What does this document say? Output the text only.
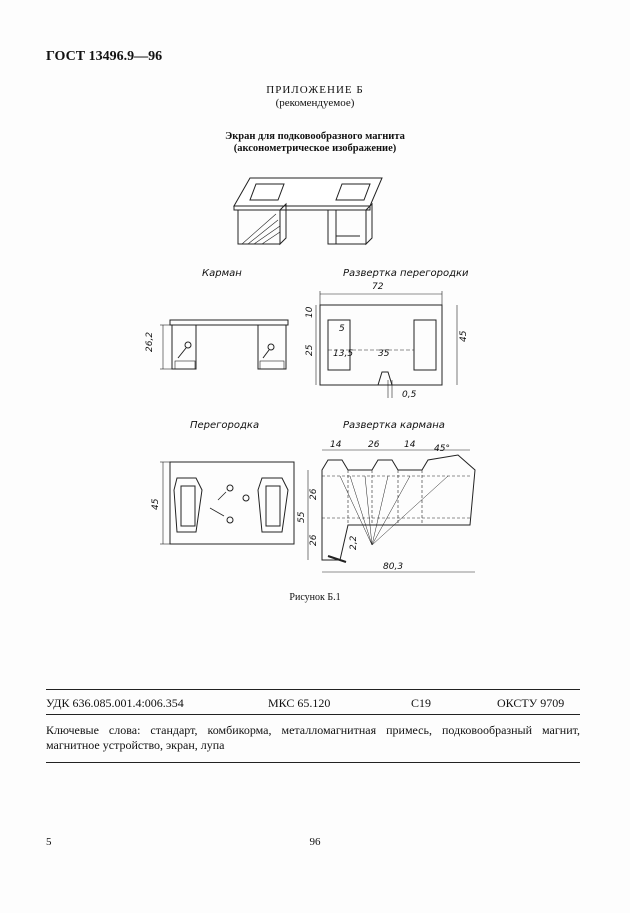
ГОСТ 13496.9—96
ПРИЛОЖЕНИЕ Б
(рекомендуемое)
Экран для подковообразного магнита
(аксонометрическое изображение)
26,2
72
10
5
25
45
13,5	35
0,5
45
14	26	14 45°
26
55
26	2,2
80,3
Карман	Развертка перегородки
Перегородка	Развертка кармана
Рисунок Б.1
УДК 636.085.001.4:006.354	МКС 65.120	С19	ОКСТУ 9709
Ключевые слова: стандарт, комбикорма, металломагнитная примесь, подковообразный магнит, магнитное устройство, экран, лупа
5	96
